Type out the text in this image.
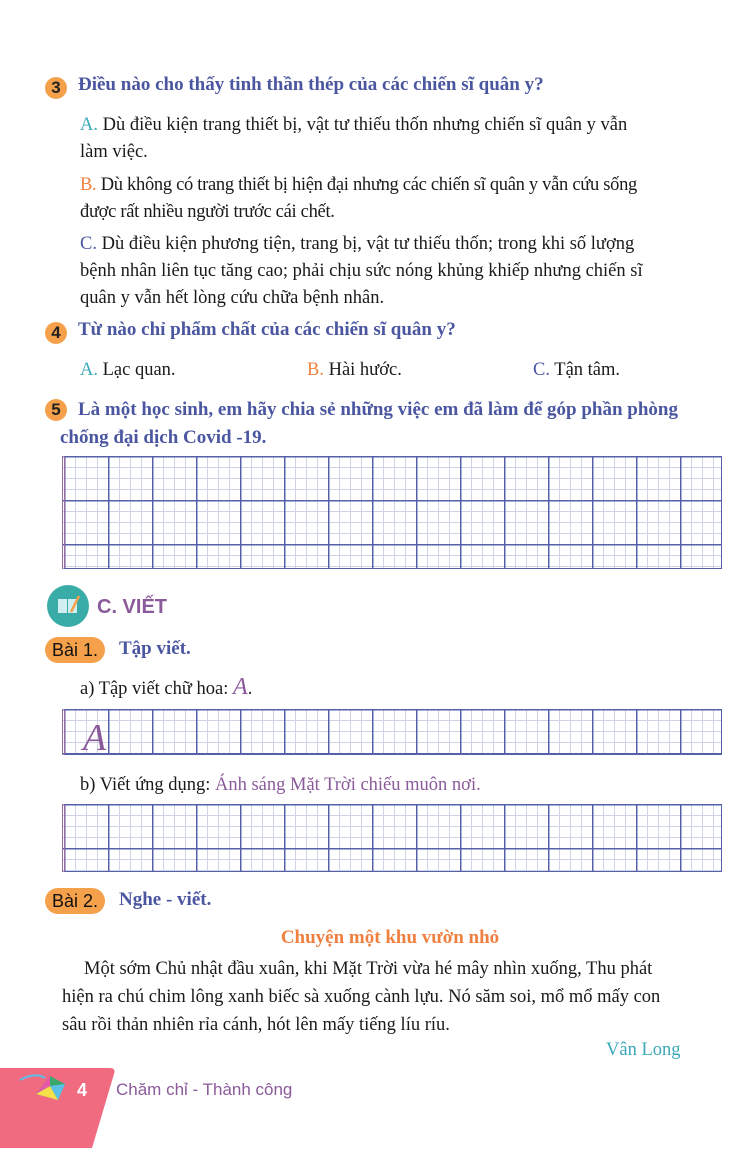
3 Điều nào cho thấy tinh thần thép của các chiến sĩ quân y?
A. Dù điều kiện trang thiết bị, vật tư thiếu thốn nhưng chiến sĩ quân y vẫn
làm việc.
B. Dù không có trang thiết bị hiện đại nhưng các chiến sĩ quân y vẫn cứu sống
được rất nhiều người trước cái chết.
C. Dù điều kiện phương tiện, trang bị, vật tư thiếu thốn; trong khi số lượng
bệnh nhân liên tục tăng cao; phải chịu sức nóng khủng khiếp nhưng chiến sĩ
quân y vẫn hết lòng cứu chữa bệnh nhân.
4 Từ nào chỉ phẩm chất của các chiến sĩ quân y?
A. Lạc quan.	B. Hài hước.	C. Tận tâm.
5 Là một học sinh, em hãy chia sẻ những việc em đã làm để góp phần phòng
chống đại dịch Covid -19.
C. VIẾT
Bài 1.	Tập viết.
a) Tập viết chữ hoa: A.
A
b) Viết ứng dụng: Ánh sáng Mặt Trời chiếu muôn nơi.
Bài 2.	Nghe - viết.
Chuyện một khu vườn nhỏ
Một sớm Chủ nhật đầu xuân, khi Mặt Trời vừa hé mây nhìn xuống, Thu phát
hiện ra chú chim lông xanh biếc sà xuống cành lựu. Nó săm soi, mổ mổ mấy con
sâu rồi thản nhiên rỉa cánh, hót lên mấy tiếng líu ríu.
Vân Long
4 Chăm chỉ - Thành công
